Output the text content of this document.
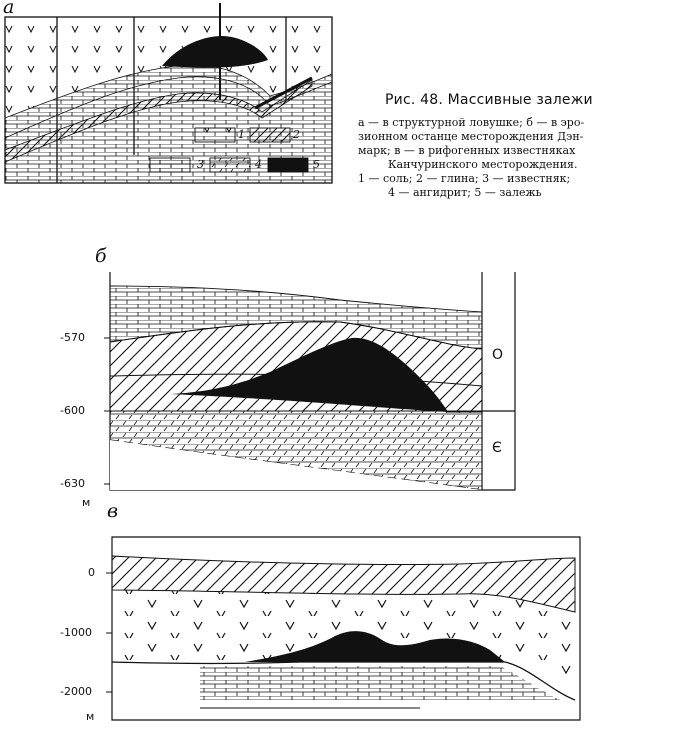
а
б
в
1	2
3	4	5
Рис. 48. Массивные залежи
а — в структурной ловушке; б — в эро-
зионном останце месторождения Дэн-
марк; в — в рифогенных известняках
Канчуринского месторождения.
1 — соль; 2 — глина; 3 — известняк;
4 — ангидрит; 5 — залежь
-570
-600
-630
м
O
Є
0
-1000
-2000
м
